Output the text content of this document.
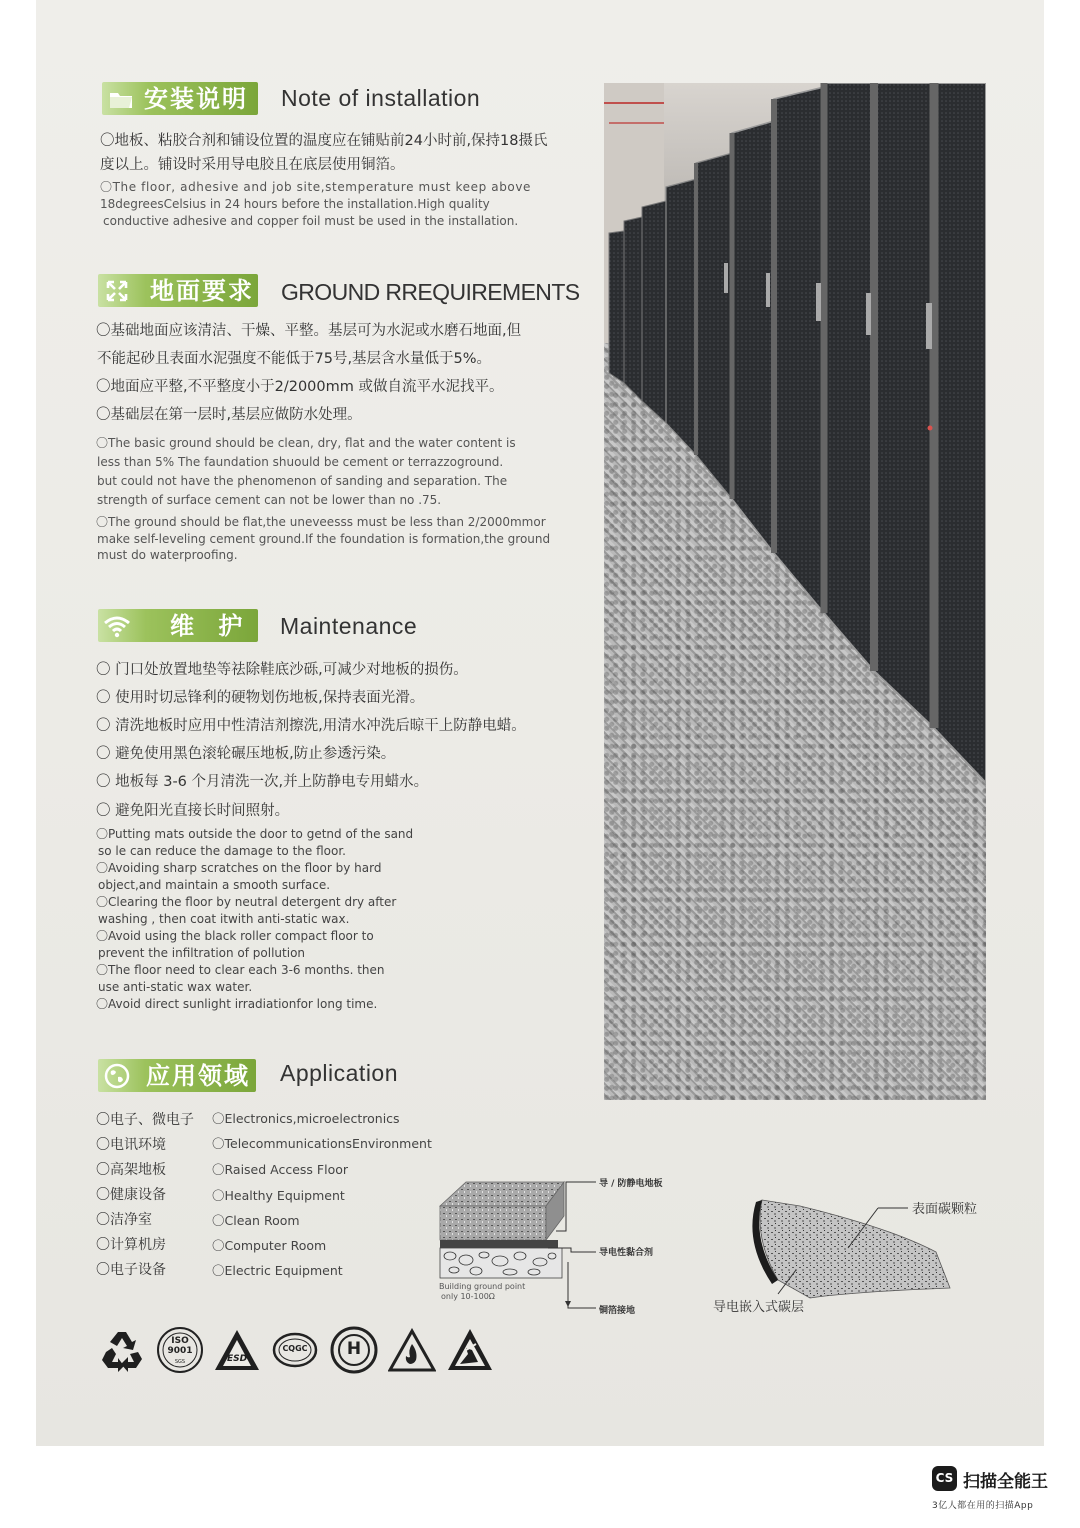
安装说明 Note of installation
〇地板、粘胶合剂和铺设位置的温度应在铺贴前24小时前,保持18摄氏
度以上。铺设时采用导电胶且在底层使用铜箔。
〇The floor, adhesive and job site,stemperature must keep above
18degreesCelsius in 24 hours before the installation.High quality
conductive adhesive and copper foil must be used in the installation.
地面要求 GROUND RREQUIREMENTS
〇基础地面应该清洁、干燥、平整。基层可为水泥或水磨石地面,但
不能起砂且表面水泥强度不能低于75号,基层含水量低于5%。
〇地面应平整,不平整度小于2/2000mm 或做自流平水泥找平。
〇基础层在第一层时,基层应做防水处理。
〇The basic ground should be clean, dry, flat and the water content is
less than 5% The faundation shuould be cement or terrazzoground.
but could not have the phenomenon of sanding and separation. The
strength of surface cement can not be lower than no .75.
〇The ground should be flat,the uneveesss must be less than 2/2000mmor
make self-leveling cement ground.If the foundation is formation,the ground
must do waterproofing.
维 护 Maintenance
〇 门口处放置地垫等祛除鞋底沙砾,可减少对地板的损伤。
〇 使用时切忌锋利的硬物划伤地板,保持表面光滑。
〇 清洗地板时应用中性清洁剂擦洗,用清水冲洗后晾干上防静电蜡。
〇 避免使用黑色滚轮碾压地板,防止参透污染。
〇 地板每 3-6 个月清洗一次,并上防静电专用蜡水。
〇 避免阳光直接长时间照射。
〇Putting mats outside the door to getnd of the sand
so le can reduce the damage to the floor.
〇Avoiding sharp scratches on the floor by hard
object,and maintain a smooth surface.
〇Clearing the floor by neutral detergent dry after
washing , then coat itwith anti-static wax.
〇Avoid using the black roller compact floor to
prevent the infiltration of pollution
〇The floor need to clear each 3-6 months. then
use anti-static wax water.
〇Avoid direct sunlight irradiationfor long time.
应用领域 Application
〇电子、微电子
〇电讯环境
〇高架地板
〇健康设备
〇洁净室
〇计算机房
〇电子设备
〇Electronics,microelectronics
〇TelecommunicationsEnvironment
〇Raised Access Floor
〇Healthy Equipment
〇Clean Room
〇Computer Room
〇Electric Equipment
导 / 防静电地板
导电性黏合剂
铜箔接地
Building ground point
only 10-100Ω
表面碳颗粒
导电嵌入式碳层
ISO
9001
SGS	ESD
CQGC	H
CS 扫描全能王
3亿人都在用的扫描App
